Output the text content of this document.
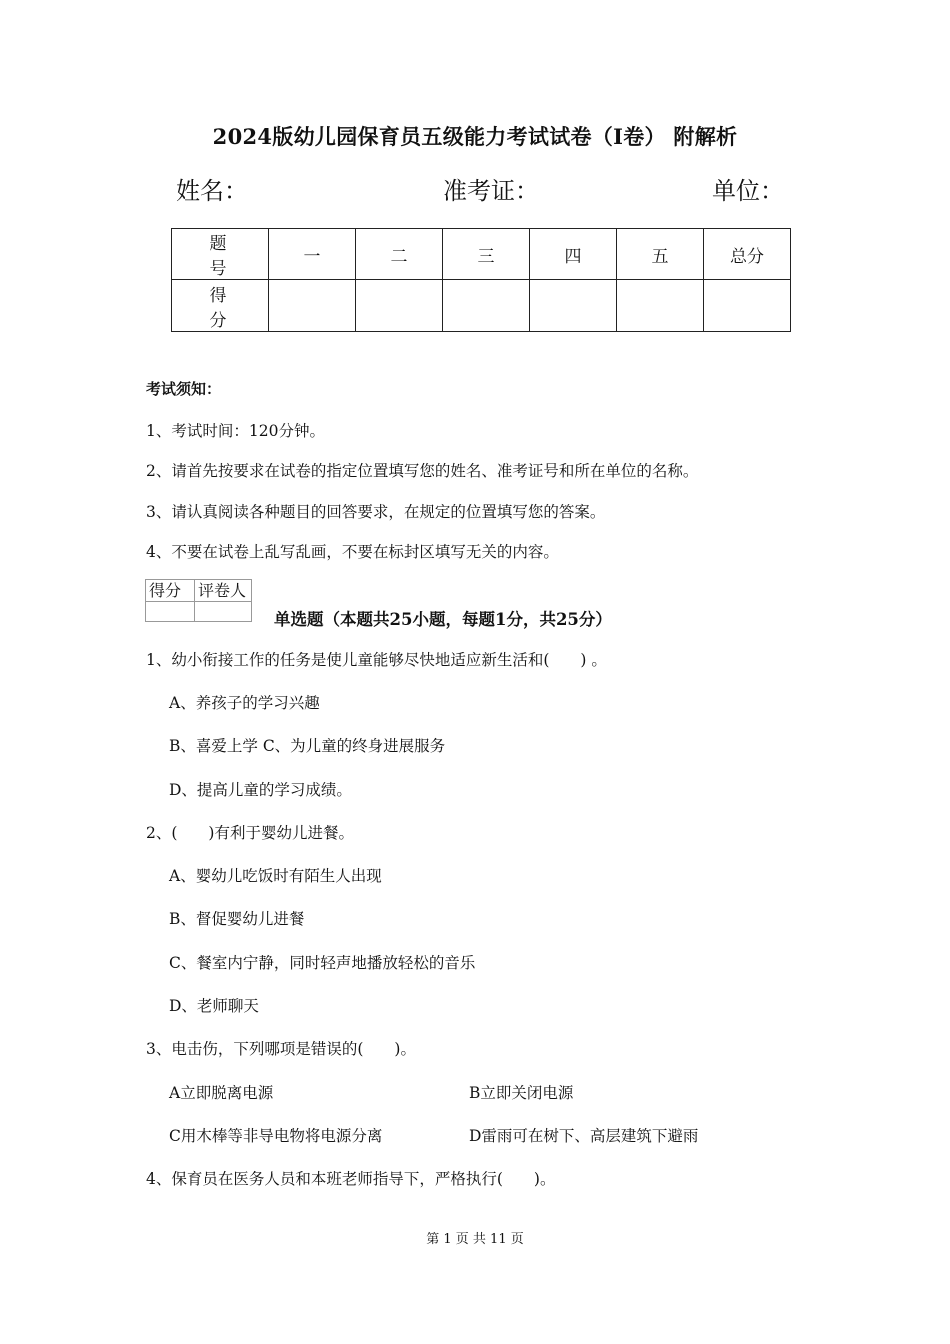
2024版幼儿园保育员五级能力考试试卷（I卷） 附解析
姓名：	准考证：	单位：
题　号	一	二	三	四	五	总分
得　分						
考试须知：
1、考试时间：120分钟。
2、请首先按要求在试卷的指定位置填写您的姓名、准考证号和所在单位的名称。
3、请认真阅读各种题目的回答要求，在规定的位置填写您的答案。
4、不要在试卷上乱写乱画，不要在标封区填写无关的内容。
得分	评卷人

单选题（本题共25小题，每题1分，共25分）
1、幼小衔接工作的任务是使儿童能够尽快地适应新生活和(　　) 。
A、养孩子的学习兴趣
B、喜爱上学 C、为儿童的终身进展服务
D、提高儿童的学习成绩。
2、(　　)有利于婴幼儿进餐。
A、婴幼儿吃饭时有陌生人出现
B、督促婴幼儿进餐
C、餐室内宁静，同时轻声地播放轻松的音乐
D、老师聊天
3、电击伤，下列哪项是错误的(　　)。
A立即脱离电源	B立即关闭电源
C用木棒等非导电物将电源分离	D雷雨可在树下、高层建筑下避雨
4、保育员在医务人员和本班老师指导下，严格执行(　　)。
第 1 页 共 11 页
